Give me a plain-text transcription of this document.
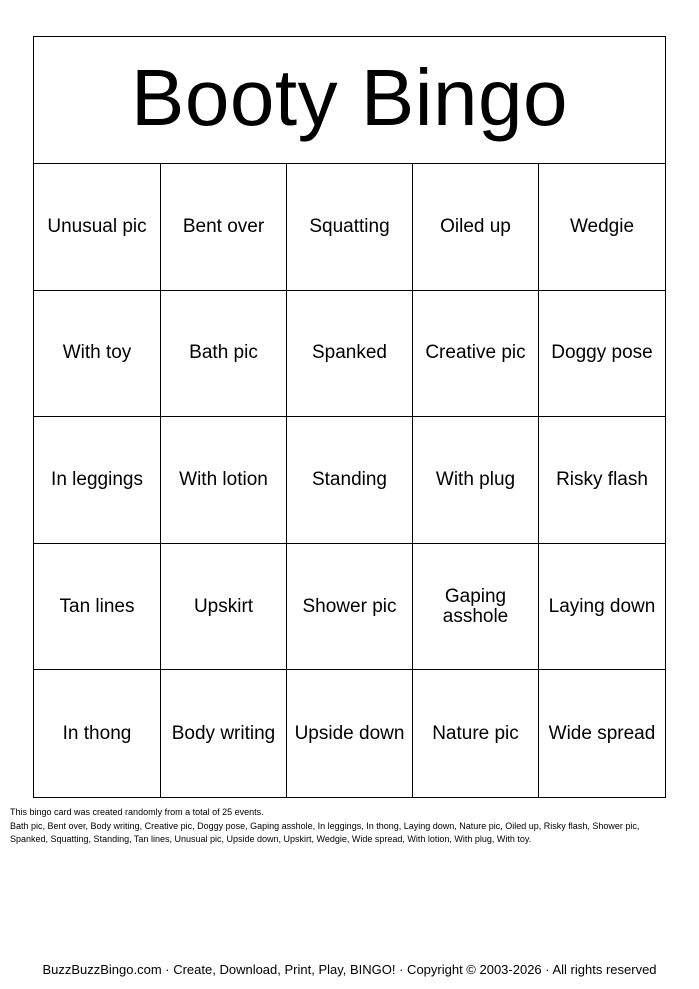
Booty Bingo
Unusual pic	Bent over	Squatting	Oiled up	Wedgie
With toy	Bath pic	Spanked	Creative pic	Doggy pose
In leggings	With lotion	Standing	With plug	Risky flash
Tan lines	Upskirt	Shower pic	Gaping asshole	Laying down
In thong	Body writing	Upside down	Nature pic	Wide spread
This bingo card was created randomly from a total of 25 events.
Bath pic, Bent over, Body writing, Creative pic, Doggy pose, Gaping asshole, In leggings, In thong, Laying down, Nature pic, Oiled up, Risky flash, Shower pic,
Spanked, Squatting, Standing, Tan lines, Unusual pic, Upside down, Upskirt, Wedgie, Wide spread, With lotion, With plug, With toy.
BuzzBuzzBingo.com · Create, Download, Print, Play, BINGO! · Copyright © 2003-2026 · All rights reserved
